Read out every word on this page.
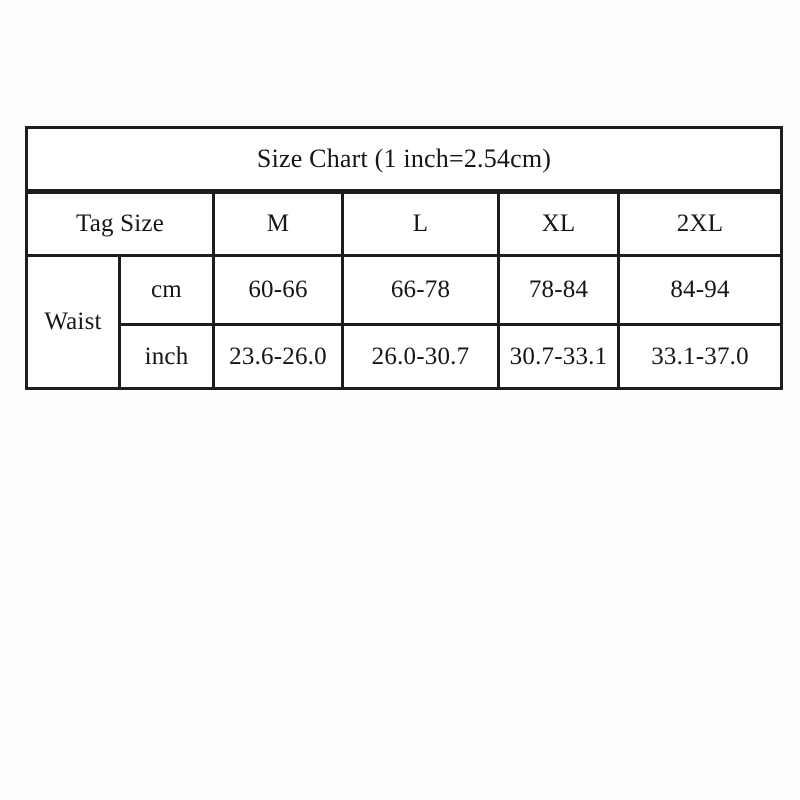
Size Chart (1 inch=2.54cm)					
Tag Size		M	L	XL	2XL
Waist	cm	60-66	66-78	78-84	84-94
	inch	23.6-26.0	26.0-30.7	30.7-33.1	33.1-37.0
